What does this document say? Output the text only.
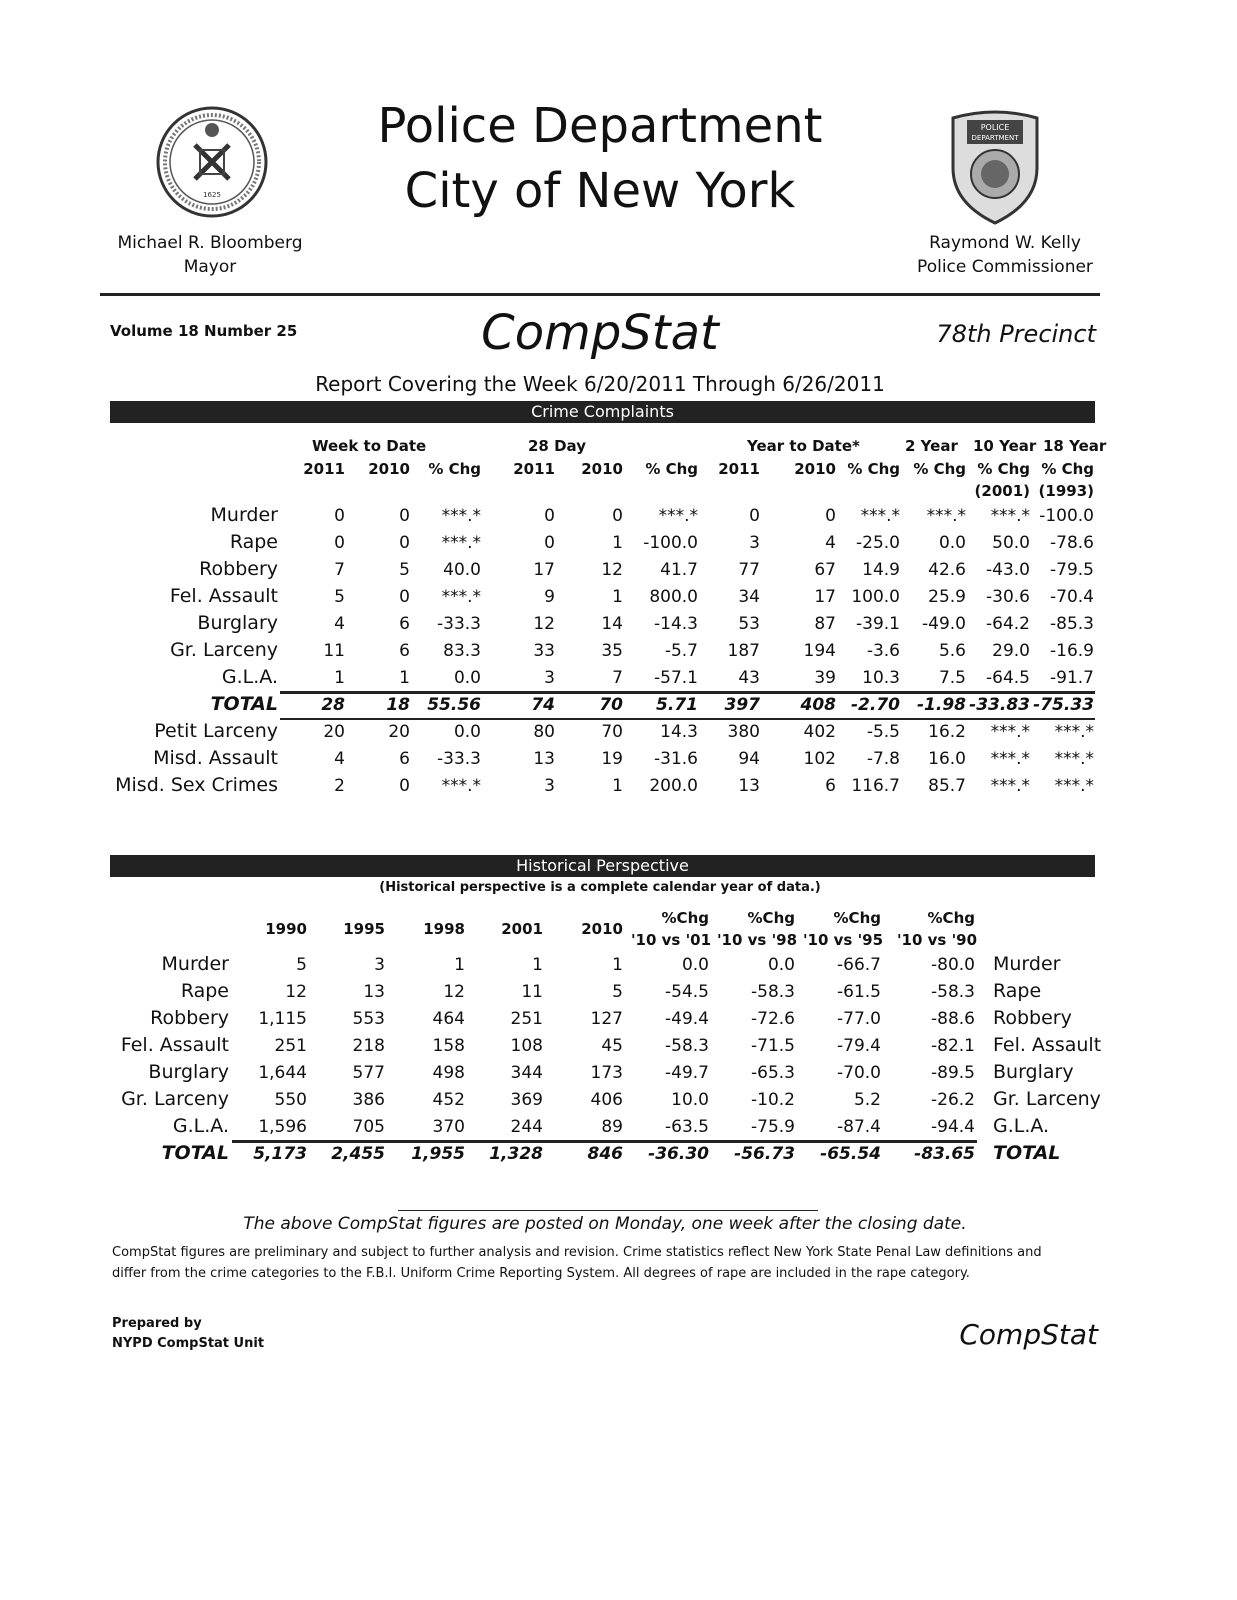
1625
Michael R. Bloomberg
Mayor
Police Department
City of New York
POLICE
DEPARTMENT
Raymond W. Kelly
Police Commissioner
Volume 18 Number 25	CompStat	78th Precinct
Report Covering the Week 6/20/2011 Through 6/26/2011
Crime Complaints
Week to Date	28 Day	Year to Date*	2 Year 10 Year 18 Year
2011	2010	% Chg	2011	2010	% Chg	2011	2010 % Chg % Chg % Chg % Chg
(2001) (1993)
Murder	0	0	***.*	0	0	***.*	0	0	***.*	***.*	***.* -100.0
Rape	0	0	***.*	0	1	-100.0	3	4	-25.0	0.0	50.0	-78.6
Robbery	7	5	40.0	17	12	41.7	77	67	14.9	42.6	-43.0	-79.5
Fel. Assault	5	0	***.*	9	1	800.0	34	17 100.0	25.9	-30.6	-70.4
Burglary	4	6	-33.3	12	14	-14.3	53	87	-39.1	-49.0	-64.2	-85.3
Gr. Larceny	11	6	83.3	33	35	-5.7	187	194	-3.6	5.6	29.0	-16.9
G.L.A.	1	1	0.0	3	7	-57.1	43	39	10.3	7.5	-64.5	-91.7
TOTAL	28	18	55.56	74	70	5.71	397	408 -2.70	-1.98 -33.83 -75.33
Petit Larceny	20	20	0.0	80	70	14.3	380	402	-5.5	16.2	***.*	***.*
Misd. Assault	4	6	-33.3	13	19	-31.6	94	102	-7.8	16.0	***.*	***.*
Misd. Sex Crimes	2	0	***.*	3	1	200.0	13	6 116.7	85.7	***.*	***.*
Historical Perspective
(Historical perspective is a complete calendar year of data.)
1990	1995	1998	2001	2010
%Chg	%Chg	%Chg	%Chg
'10 vs '01 '10 vs '98 '10 vs '95 '10 vs '90
Murder	5	3	1	1	1	0.0	0.0	-66.7	-80.0 Murder
Rape	12	13	12	11	5	-54.5	-58.3	-61.5	-58.3 Rape
Robbery	1,115	553	464	251	127	-49.4	-72.6	-77.0	-88.6 Robbery
Fel. Assault	251	218	158	108	45	-58.3	-71.5	-79.4	-82.1 Fel. Assault
Burglary	1,644	577	498	344	173	-49.7	-65.3	-70.0	-89.5 Burglary
Gr. Larceny	550	386	452	369	406	10.0	-10.2	5.2	-26.2 Gr. Larceny
G.L.A.	1,596	705	370	244	89	-63.5	-75.9	-87.4	-94.4 G.L.A.
TOTAL	5,173	2,455	1,955	1,328	846	-36.30	-56.73	-65.54	-83.65 TOTAL
The above CompStat figures are posted on Monday, one week after the closing date.
CompStat figures are preliminary and subject to further analysis and revision. Crime statistics reflect New York State Penal Law definitions and
differ from the crime categories to the F.B.I. Uniform Crime Reporting System. All degrees of rape are included in the rape category.
Prepared by
NYPD CompStat Unit	CompStat
